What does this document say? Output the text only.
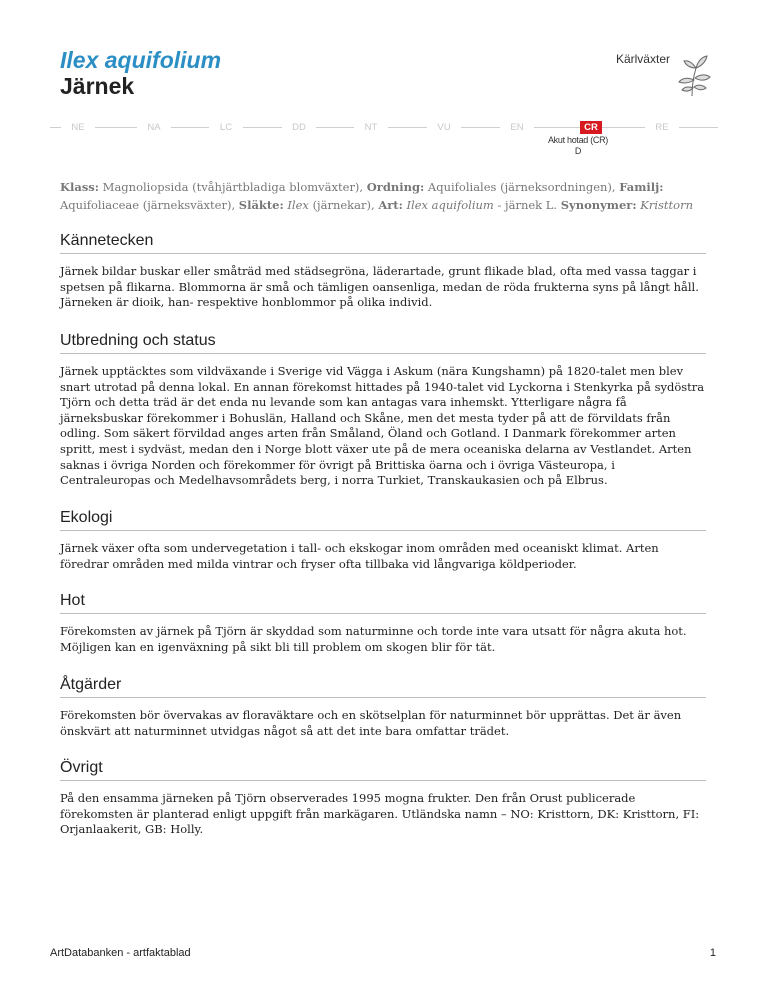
Ilex aquifolium
Järnek
Kärlväxter
NE	NA	LC	DD	NT	VU	EN	CR	RE
Akut hotad (CR)
D
Klass: Magnoliopsida (tvåhjärtbladiga blomväxter), Ordning: Aquifoliales (järneksordningen), Familj: Aquifoliaceae (järneksväxter), Släkte: Ilex (järnekar), Art: Ilex aquifolium - järnek L. Synonymer: Kristtorn
Kännetecken

Järnek bildar buskar eller småträd med städsegröna, läderartade, grunt flikade blad, ofta med vassa taggar i spetsen på flikarna. Blommorna är små och tämligen oansenliga, medan de röda frukterna syns på långt håll. Järneken är dioik, han- respektive honblommor på olika individ.

Utbredning och status

Järnek upptäcktes som vildväxande i Sverige vid Vägga i Askum (nära Kungshamn) på 1820-talet men blev snart utrotad på denna lokal. En annan förekomst hittades på 1940-talet vid Lyckorna i Stenkyrka på sydöstra Tjörn och detta träd är det enda nu levande som kan antagas vara inhemskt. Ytterligare några få järneksbuskar förekommer i Bohuslän, Halland och Skåne, men det mesta tyder på att de förvildats från odling. Som säkert förvildad anges arten från Småland, Öland och Gotland. I Danmark förekommer arten spritt, mest i sydväst, medan den i Norge blott växer ute på de mera oceaniska delarna av Vestlandet. Arten saknas i övriga Norden och förekommer för övrigt på Brittiska öarna och i övriga Västeuropa, i Centraleuropas och Medelhavsområdets berg, i norra Turkiet, Transkaukasien och på Elbrus.

Ekologi

Järnek växer ofta som undervegetation i tall- och ekskogar inom områden med oceaniskt klimat. Arten föredrar områden med milda vintrar och fryser ofta tillbaka vid långvariga köldperioder.

Hot

Förekomsten av järnek på Tjörn är skyddad som naturminne och torde inte vara utsatt för några akuta hot. Möjligen kan en igenväxning på sikt bli till problem om skogen blir för tät.

Åtgärder

Förekomsten bör övervakas av floraväktare och en skötselplan för naturminnet bör upprättas. Det är även önskvärt att naturminnet utvidgas något så att det inte bara omfattar trädet.

Övrigt

På den ensamma järneken på Tjörn observerades 1995 mogna frukter. Den från Orust publicerade förekomsten är planterad enligt uppgift från markägaren. Utländska namn – NO: Kristtorn, DK: Kristtorn, FI: Orjanlaakerit, GB: Holly.

ArtDatabanken - artfaktablad	1
